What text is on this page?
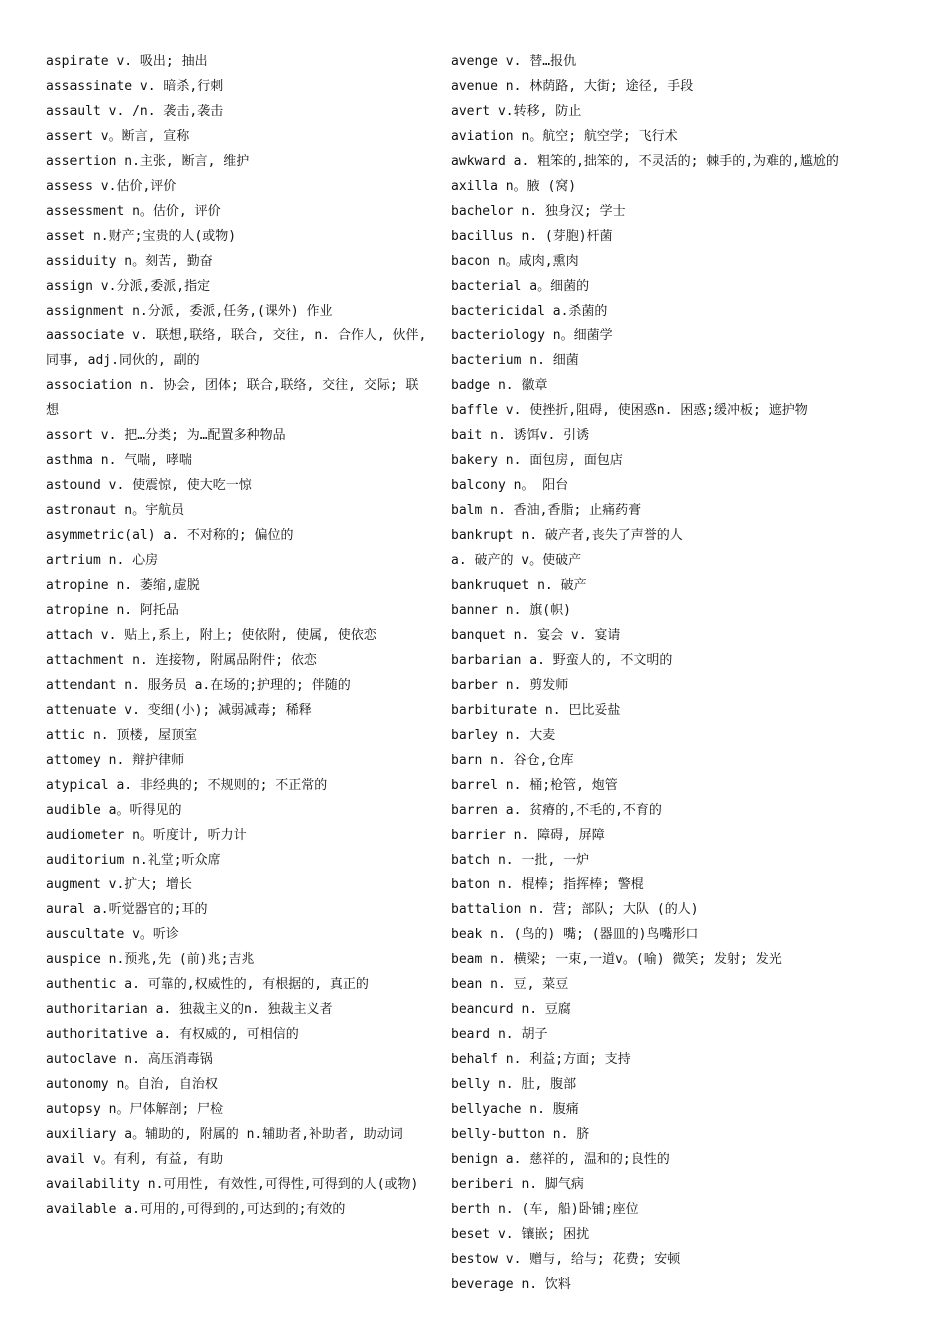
aspirate v. 吸出; 抽出
assassinate v. 暗杀,行刺
assault v. /n. 袭击,袭击
assert v。断言, 宣称
assertion n.主张, 断言, 维护
assess v.估价,评价
assessment n。估价, 评价
asset n.财产;宝贵的人(或物)
assiduity n。刻苦, 勤奋
assign v.分派,委派,指定
assignment n.分派, 委派,任务,(课外) 作业
aassociate v. 联想,联络, 联合, 交往, n. 合作人, 伙伴, 同事, adj.同伙的, 副的
association n. 协会, 团体; 联合,联络, 交往, 交际; 联想
assort v. 把…分类; 为…配置多种物品
asthma n. 气喘, 哮喘
astound v. 使震惊, 使大吃一惊
astronaut n。宇航员
asymmetric(al) a. 不对称的; 偏位的
artrium n. 心房
atropine n. 萎缩,虚脱
atropine n. 阿托品
attach v. 贴上,系上, 附上; 使依附, 使属, 使依恋
attachment n. 连接物, 附属品附件; 依恋
attendant n. 服务员 a.在场的;护理的; 伴随的
attenuate v. 变细(小); 减弱减毒; 稀释
attic n. 顶楼, 屋顶室
attomey n. 辩护律师
atypical a. 非经典的; 不规则的; 不正常的
audible a。听得见的
audiometer n。听度计, 听力计
auditorium n.礼堂;听众席
augment v.扩大; 增长
aural a.听觉器官的;耳的
auscultate v。听诊
auspice n.预兆,先 (前)兆;吉兆
authentic a. 可靠的,权威性的, 有根据的, 真正的
authoritarian a. 独裁主义的n. 独裁主义者
authoritative a. 有权威的, 可相信的
autoclave n. 高压消毒锅
autonomy n。自治, 自治权
autopsy n。尸体解剖; 尸检
auxiliary a。辅助的, 附属的 n.辅助者,补助者, 助动词
avail v。有利, 有益, 有助
availability n.可用性, 有效性,可得性,可得到的人(或物)
available a.可用的,可得到的,可达到的;有效的
avenge v. 替…报仇
avenue n. 林荫路, 大街; 途径, 手段
avert v.转移, 防止
aviation n。航空; 航空学; 飞行术
awkward a. 粗笨的,拙笨的, 不灵活的; 棘手的,为难的,尴尬的
axilla n。腋 (窝)
bachelor n. 独身汉; 学士
bacillus n. (芽胞)杆菌
bacon n。咸肉,熏肉
bacterial a。细菌的
bactericidal a.杀菌的
bacteriology n。细菌学
bacterium n. 细菌
badge n. 徽章
baffle v. 使挫折,阻碍, 使困惑n. 困惑;缓冲板; 遮护物
bait n. 诱饵v. 引诱
bakery n. 面包房, 面包店
balcony n。 阳台
balm n. 香油,香脂; 止痛药膏
bankrupt n. 破产者,丧失了声誉的人
a. 破产的 v。使破产
bankruquet n. 破产
banner n. 旗(帜)
banquet n. 宴会 v. 宴请
barbarian a. 野蛮人的, 不文明的
barber n. 剪发师
barbiturate n. 巴比妥盐
barley n. 大麦
barn n. 谷仓,仓库
barrel n. 桶;枪管, 炮管
barren a. 贫瘠的,不毛的,不育的
barrier n. 障碍, 屏障
batch n. 一批, 一炉
baton n. 棍棒; 指挥棒; 警棍
battalion n. 营; 部队; 大队 (的人)
beak n. (鸟的) 嘴; (器皿的)鸟嘴形口
beam n. 横梁; 一束,一道v。(喻) 微笑; 发射; 发光
bean n. 豆, 菜豆
beancurd n. 豆腐
beard n. 胡子
behalf n. 利益;方面; 支持
belly n. 肚, 腹部
bellyache n. 腹痛
belly-button n. 脐
benign a. 慈祥的, 温和的;良性的
beriberi n. 脚气病
berth n. (车, 船)卧铺;座位
beset v. 镶嵌; 困扰
bestow v. 赠与, 给与; 花费; 安顿
beverage n. 饮料
